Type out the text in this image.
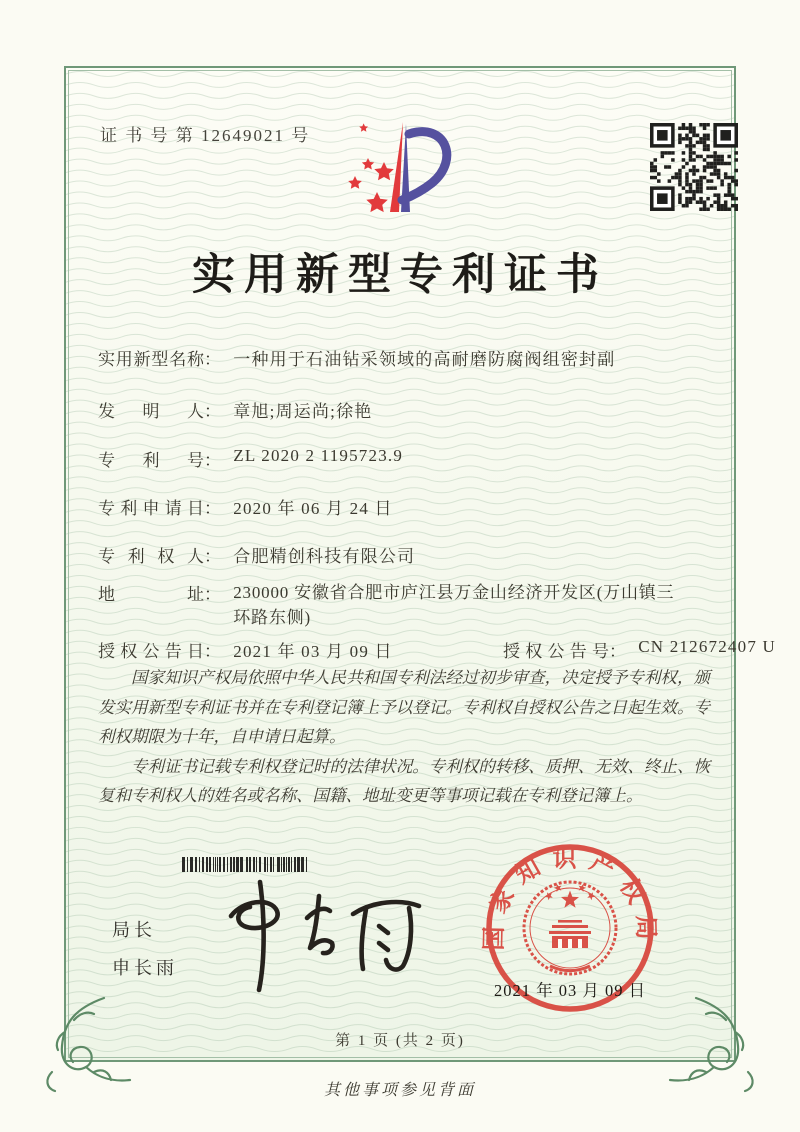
证 书 号 第 12649021 号
实用新型专利证书
实用新型名称： 一种用于石油钻采领域的高耐磨防腐阀组密封副
发明人： 章旭;周运尚;徐艳
专利号： ZL 2020 2 1195723.9
专利申请日： 2020 年 06 月 24 日
专利权人： 合肥精创科技有限公司
地址： 230000 安徽省合肥市庐江县万金山经济开发区(万山镇三环路东侧)
授权公告日： 2021 年 03 月 09 日	授权公告号： CN 212672407 U

国家知识产权局依照中华人民共和国专利法经过初步审查，决定授予专利权，颁发实用新型专利证书并在专利登记簿上予以登记。专利权自授权公告之日起生效。专利权期限为十年，自申请日起算。

专利证书记载专利权登记时的法律状况。专利权的转移、质押、无效、终止、恢复和专利权人的姓名或名称、国籍、地址变更等事项记载在专利登记簿上。

局长
申长雨
国家知识产权局
2021 年 03 月 09 日
第 1 页 (共 2 页)
其他事项参见背面
